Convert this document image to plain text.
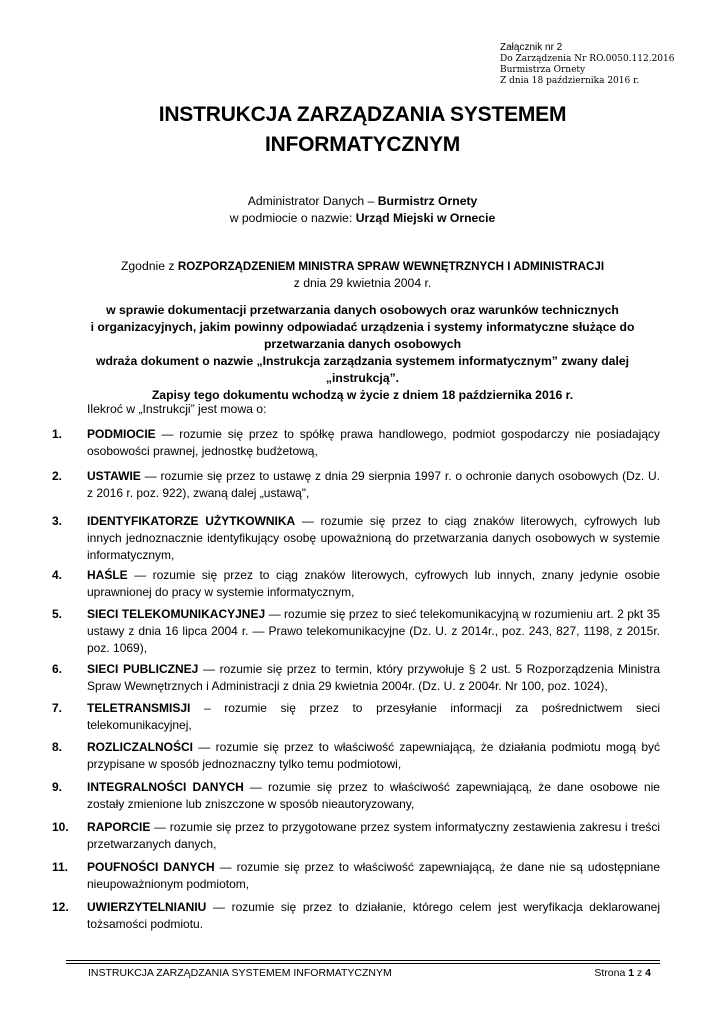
Załącznik nr 2
Do Zarządzenia Nr RO.0050.112.2016
Burmistrza Ornety
Z dnia 18 października 2016 r.
INSTRUKCJA ZARZĄDZANIA SYSTEMEM
INFORMATYCZNYM
Administrator Danych – Burmistrz Ornety
w podmiocie o nazwie: Urząd Miejski w Ornecie
Zgodnie z ROZPORZĄDZENIEM MINISTRA SPRAW WEWNĘTRZNYCH I ADMINISTRACJI
z dnia 29 kwietnia 2004 r.
w sprawie dokumentacji przetwarzania danych osobowych oraz warunków technicznych
i organizacyjnych, jakim powinny odpowiadać urządzenia i systemy informatyczne służące do
przetwarzania danych osobowych
wdraża dokument o nazwie „Instrukcja zarządzania systemem informatycznym” zwany dalej „instrukcją”.
Zapisy tego dokumentu wchodzą w życie z dniem 18 października 2016 r.
Ilekroć w „Instrukcji” jest mowa o:
1.	PODMIOCIE — rozumie się przez to spółkę prawa handlowego, podmiot gospodarczy nie posiadający osobowości prawnej, jednostkę budżetową,
2.	USTAWIE — rozumie się przez to ustawę z dnia 29 sierpnia 1997 r. o ochronie danych osobowych (Dz. U. z 2016 r. poz. 922), zwaną dalej „ustawą",
3.	IDENTYFIKATORZE UŻYTKOWNIKA — rozumie się przez to ciąg znaków literowych, cyfrowych lub innych jednoznacznie identyfikujący osobę upoważnioną do przetwarzania danych osobowych w systemie informatycznym,
4.	HAŚLE — rozumie się przez to ciąg znaków literowych, cyfrowych lub innych, znany jedynie osobie uprawnionej do pracy w systemie informatycznym,
5.	SIECI TELEKOMUNIKACYJNEJ — rozumie się przez to sieć telekomunikacyjną w rozumieniu art. 2 pkt 35 ustawy z dnia 16 lipca 2004 r. — Prawo telekomunikacyjne (Dz. U. z 2014r., poz. 243, 827, 1198, z 2015r. poz. 1069),
6.	SIECI PUBLICZNEJ — rozumie się przez to termin, który przywołuje § 2 ust. 5 Rozporządzenia Ministra Spraw Wewnętrznych i Administracji z dnia 29 kwietnia 2004r. (Dz. U. z 2004r. Nr 100, poz. 1024),
7.	TELETRANSMISJI – rozumie się przez to przesyłanie informacji za pośrednictwem sieci telekomunikacyjnej,
8.	ROZLICZALNOŚCI — rozumie się przez to właściwość zapewniającą, że działania podmiotu mogą być przypisane w sposób jednoznaczny tylko temu podmiotowi,
9.	INTEGRALNOŚCI DANYCH — rozumie się przez to właściwość zapewniającą, że dane osobowe nie zostały zmienione lub zniszczone w sposób nieautoryzowany,
10.	RAPORCIE — rozumie się przez to przygotowane przez system informatyczny zestawienia zakresu i treści przetwarzanych danych,
11.	POUFNOŚCI DANYCH — rozumie się przez to właściwość zapewniającą, że dane nie są udostępniane nieupoważnionym podmiotom,
12.	UWIERZYTELNIANIU — rozumie się przez to działanie, którego celem jest weryfikacja deklarowanej tożsamości podmiotu.
INSTRUKCJA ZARZĄDZANIA SYSTEMEM INFORMATYCZNYM	Strona 1 z 4
